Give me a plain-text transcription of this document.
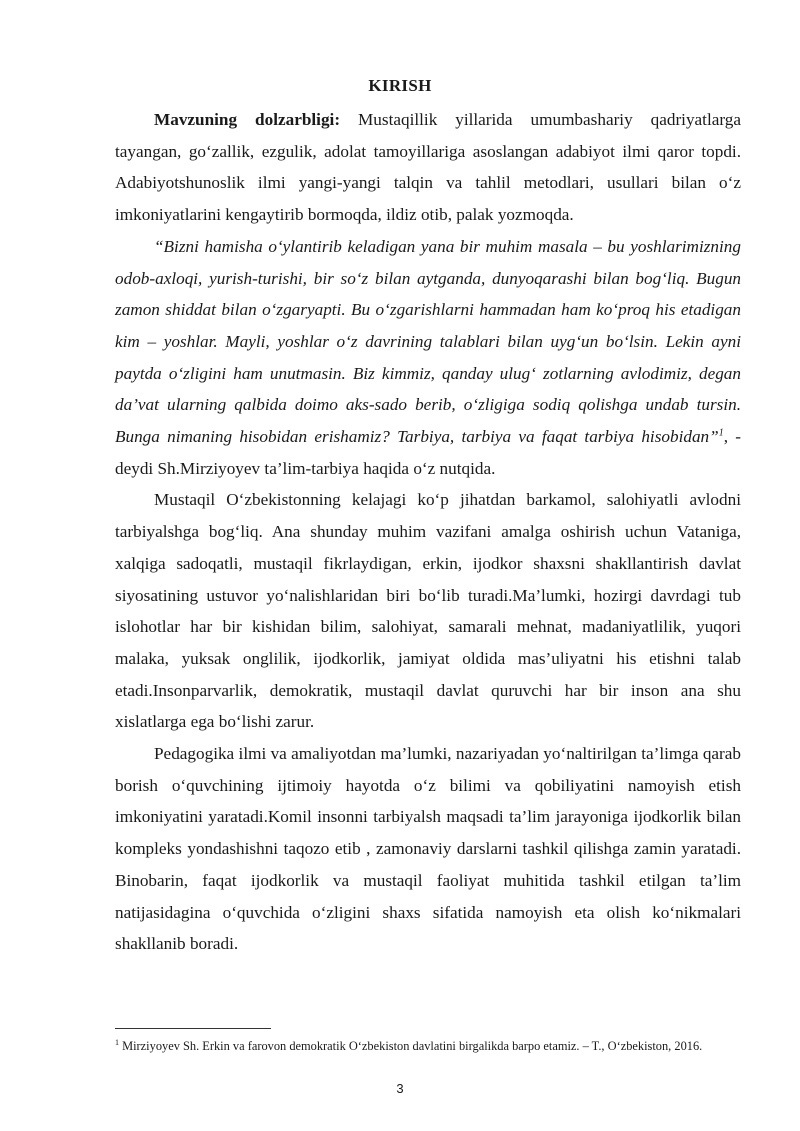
KIRISH

Mavzuning dolzarbligi: Mustaqillik yillarida umumbashariy qadriyatlarga tayangan, go‘zallik, ezgulik, adolat tamoyillariga asoslangan adabiyot ilmi qaror topdi. Adabiyotshunoslik ilmi yangi-yangi talqin va tahlil metodlari, usullari bilan o‘z imkoniyatlarini kengaytirib bormoqda, ildiz otib, palak yozmoqda.

“Bizni hamisha o‘ylantirib keladigan yana bir muhim masala – bu yoshlarimizning odob-axloqi, yurish-turishi, bir so‘z bilan aytganda, dunyoqarashi bilan bog‘liq. Bugun zamon shiddat bilan o‘zgaryapti. Bu o‘zgarishlarni hammadan ham ko‘proq his etadigan kim – yoshlar. Mayli, yoshlar o‘z davrining talablari bilan uyg‘un bo‘lsin. Lekin ayni paytda o‘zligini ham unutmasin. Biz kimmiz, qanday ulug‘ zotlarning avlodimiz, degan da’vat ularning qalbida doimo aks-sado berib, o‘zligiga sodiq qolishga undab tursin. Bunga nimaning hisobidan erishamiz? Tarbiya, tarbiya va faqat tarbiya hisobidan”$^1$, - deydi Sh.Mirziyoyev ta’lim-tarbiya haqida o‘z nutqida.

Mustaqil O‘zbekistonning kelajagi ko‘p jihatdan barkamol, salohiyatli avlodni tarbiyalshga bog‘liq. Ana shunday muhim vazifani amalga oshirish uchun Vataniga, xalqiga sadoqatli, mustaqil fikrlaydigan, erkin, ijodkor shaxsni shakllantirish davlat siyosatining ustuvor yo‘nalishlaridan biri bo‘lib turadi.Ma’lumki, hozirgi davrdagi tub islohotlar har bir kishidan bilim, salohiyat, samarali mehnat, madaniyatlilik, yuqori malaka, yuksak onglilik, ijodkorlik, jamiyat oldida mas’uliyatni his etishni talab etadi.Insonparvarlik, demokratik, mustaqil davlat quruvchi har bir inson ana shu xislatlarga ega bo‘lishi zarur.

Pedagogika ilmi va amaliyotdan ma’lumki, nazariyadan yo‘naltirilgan ta’limga qarab borish o‘quvchining ijtimoiy hayotda o‘z bilimi va qobiliyatini namoyish etish imkoniyatini yaratadi.Komil insonni tarbiyalsh maqsadi ta’lim jarayoniga ijodkorlik bilan kompleks yondashishni taqozo etib , zamonaviy darslarni tashkil qilishga zamin yaratadi. Binobarin, faqat ijodkorlik va mustaqil faoliyat muhitida tashkil etilgan ta’lim natijasidagina o‘quvchida o‘zligini shaxs sifatida namoyish eta olish ko‘nikmalari shakllanib boradi.

$^1$ Mirziyoyev Sh. Erkin va farovon demokratik O‘zbekiston davlatini birgalikda barpo etamiz. – T., O‘zbekiston, 2016.
3
